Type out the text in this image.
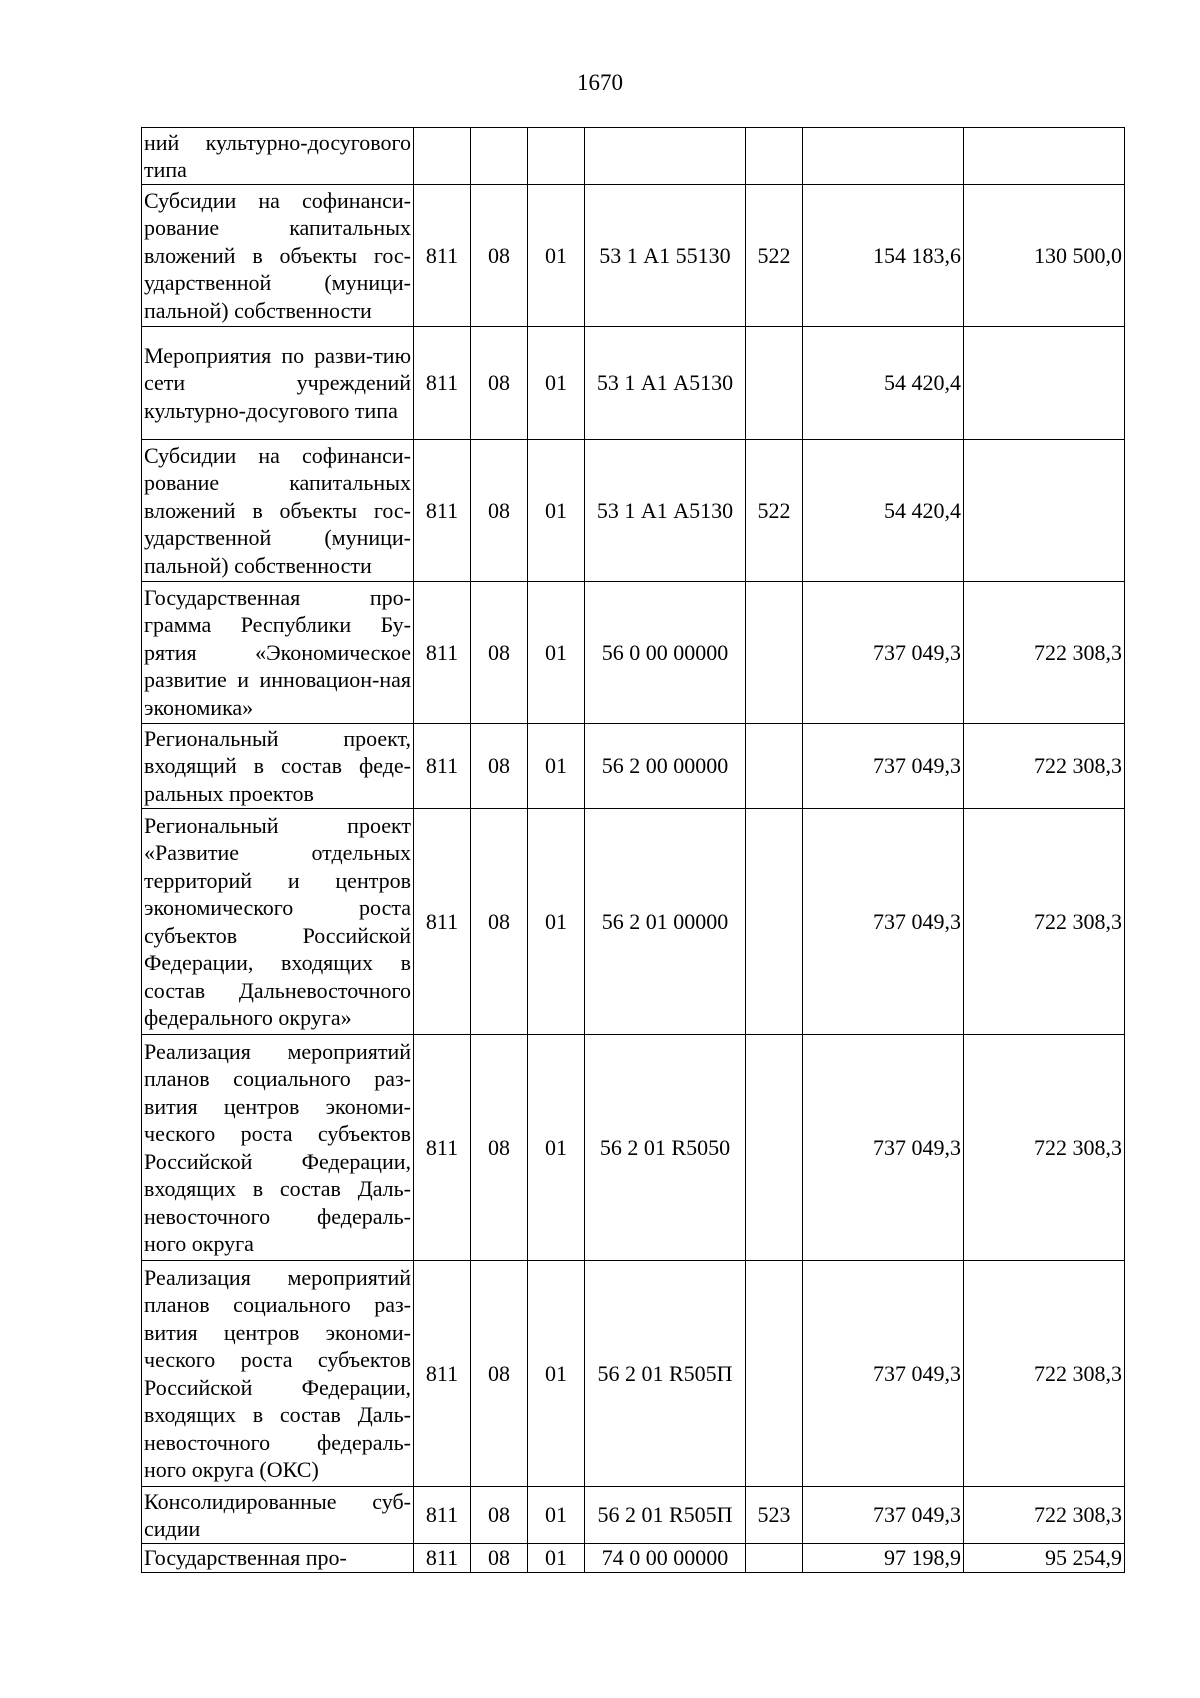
1670
ний культурно-досугового типа							
Субсидии на софинанси-рование капитальных вложений в объекты гос-ударственной (муници-пальной) собственности	811	08	01	53 1 А1 55130	522	154 183,6	130 500,0
Мероприятия по разви-тию сети учреждений культурно-досугового типа	811	08	01	53 1 А1 А5130		54 420,4	
Субсидии на софинанси-рование капитальных вложений в объекты гос-ударственной (муници-пальной) собственности	811	08	01	53 1 А1 А5130	522	54 420,4	
Государственная про-грамма Республики Бу-рятия «Экономическое развитие и инновацион-ная экономика»	811	08	01	56 0 00 00000		737 049,3	722 308,3
Региональный проект, входящий в состав феде-ральных проектов	811	08	01	56 2 00 00000		737 049,3	722 308,3
Региональный проект «Развитие отдельных территорий и центров экономического роста субъектов Российской Федерации, входящих в состав Дальневосточного федерального округа»	811	08	01	56 2 01 00000		737 049,3	722 308,3
Реализация мероприятий планов социального раз-вития центров экономи-ческого роста субъектов Российской Федерации, входящих в состав Даль-невосточного федераль-ного округа	811	08	01	56 2 01 R5050		737 049,3	722 308,3
Реализация мероприятий планов социального раз-вития центров экономи-ческого роста субъектов Российской Федерации, входящих в состав Даль-невосточного федераль-ного округа (ОКС)	811	08	01	56 2 01 R505П		737 049,3	722 308,3
Консолидированные суб-сидии	811	08	01	56 2 01 R505П	523	737 049,3	722 308,3
Государственная про-	811	08	01	74 0 00 00000		97 198,9	95 254,9
